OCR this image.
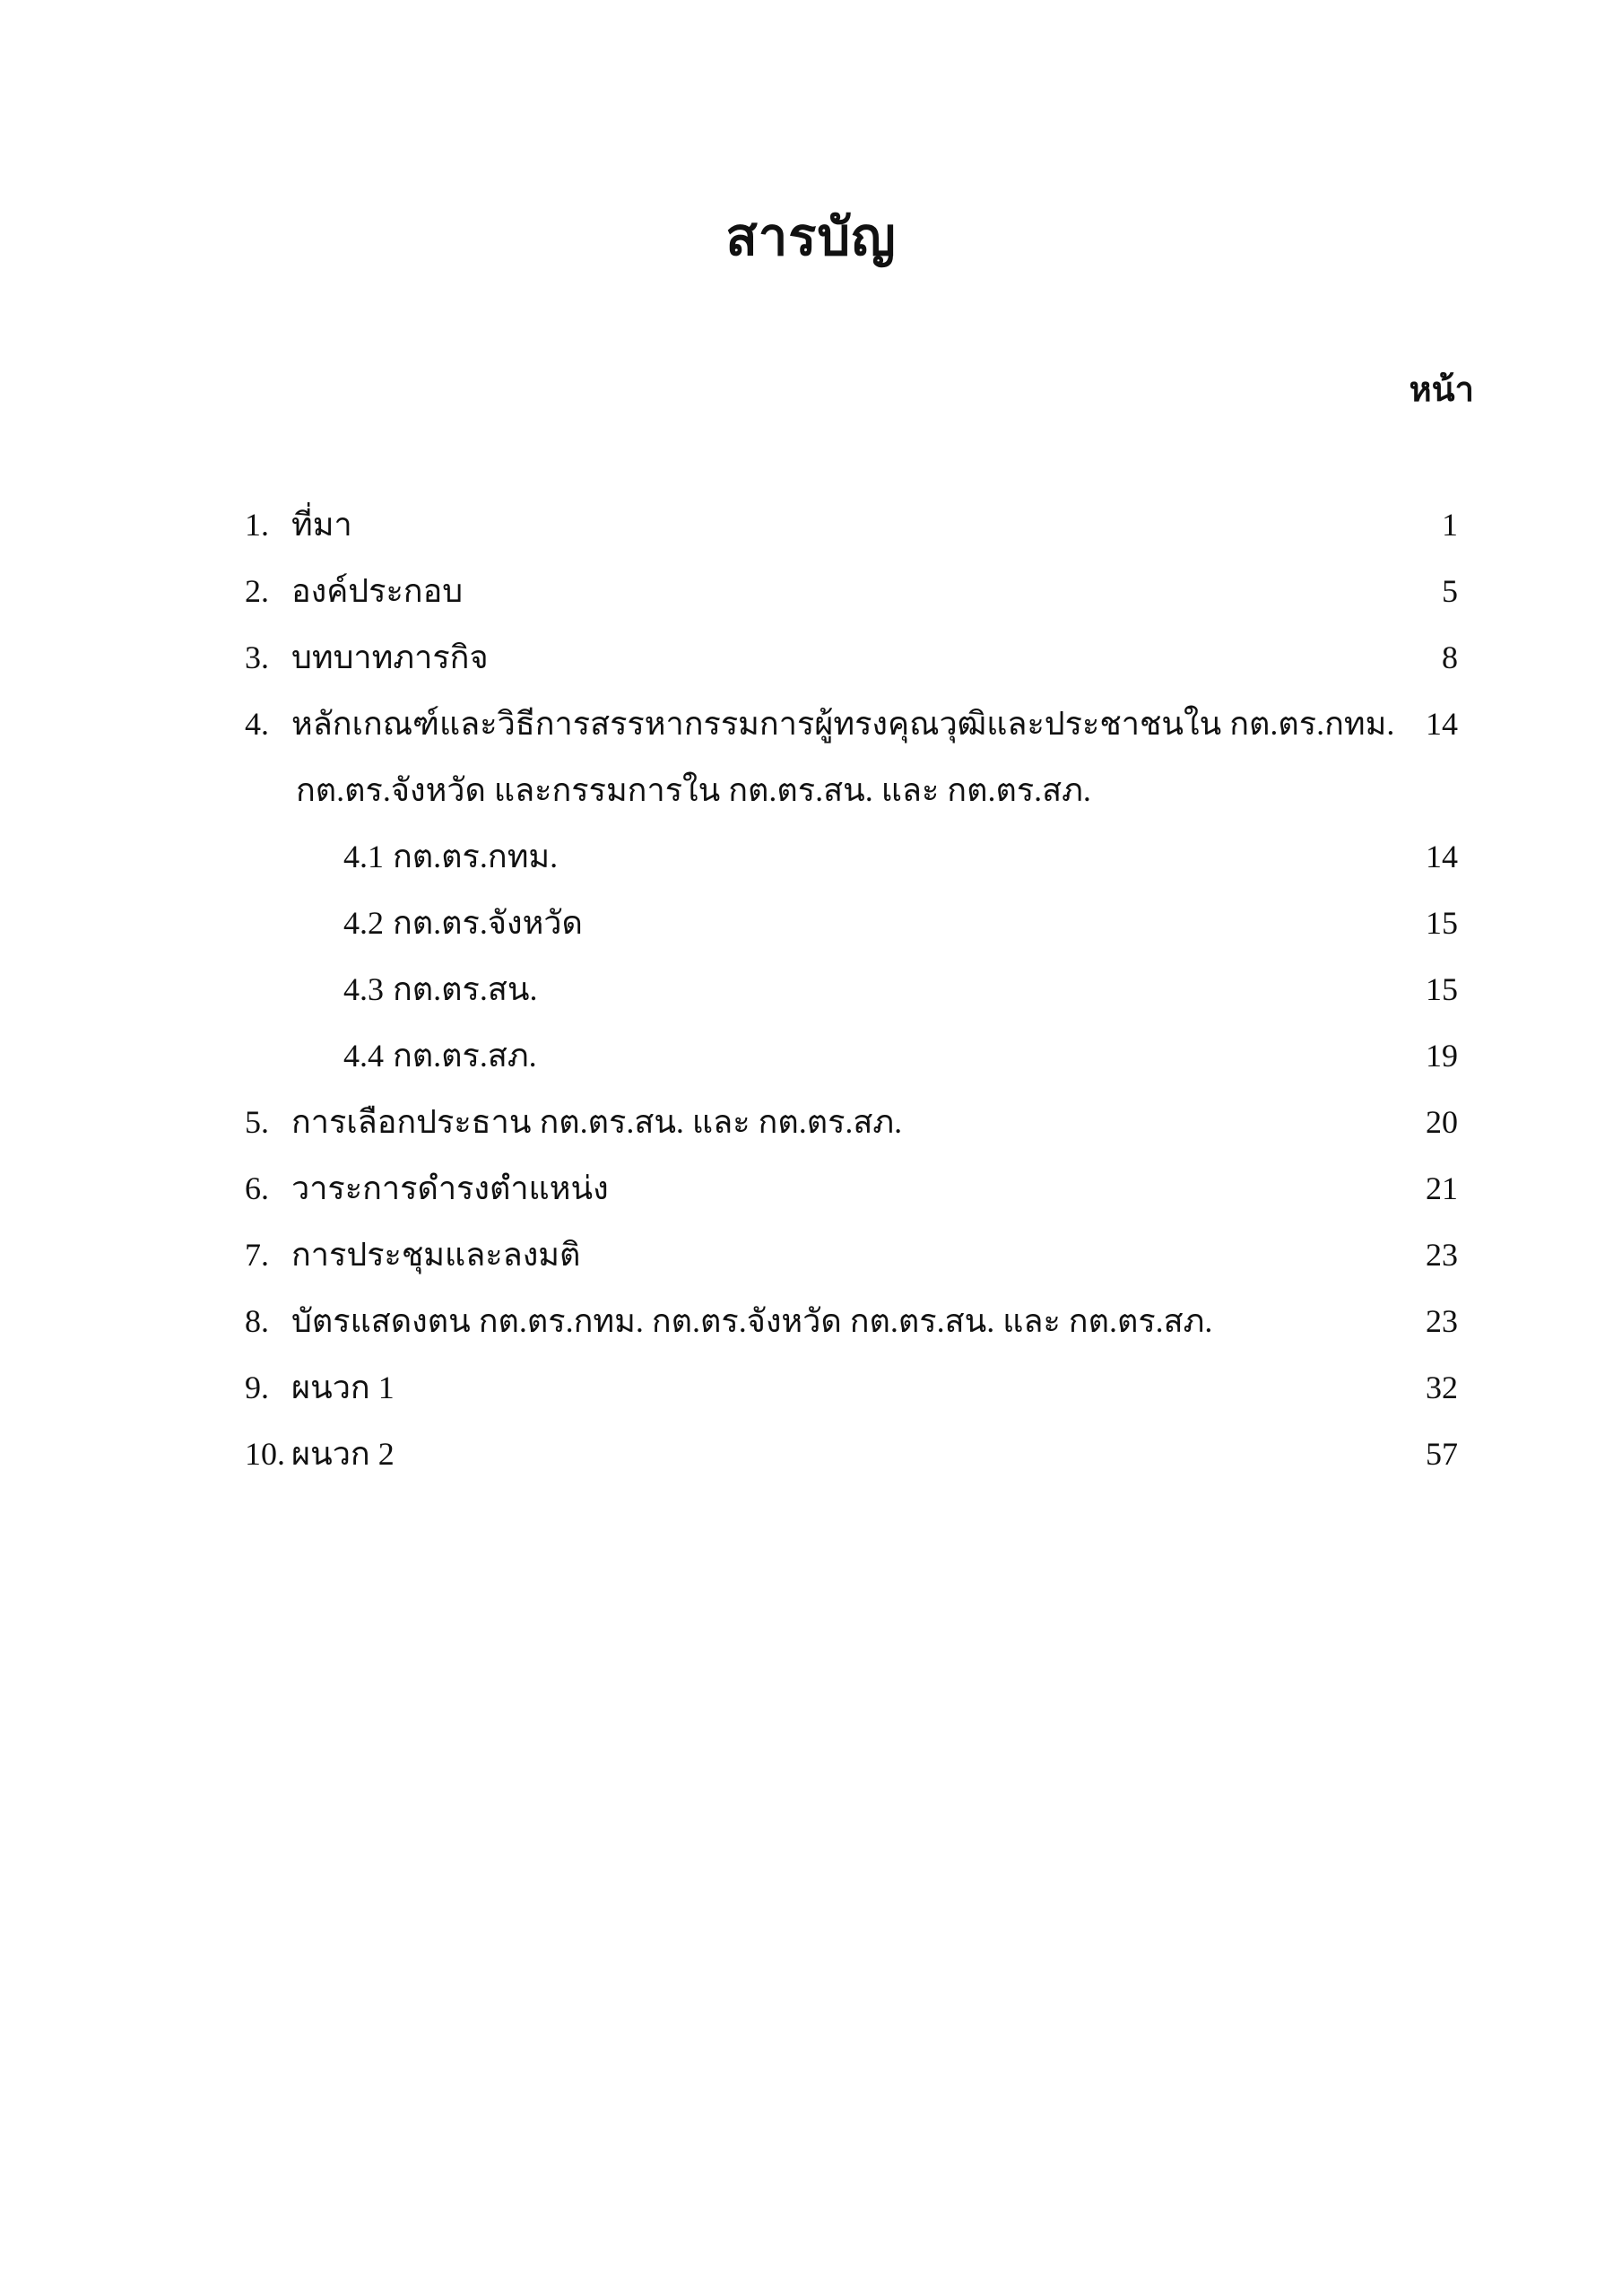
สารบัญ
หน้า
1. ที่มา	1
2. องค์ประกอบ	5
3. บทบาทภารกิจ	8
4. หลักเกณฑ์และวิธีการสรรหากรรมการผู้ทรงคุณวุฒิและประชาชนใน กต.ตร.กทม. 14
กต.ตร.จังหวัด และกรรมการใน กต.ตร.สน. และ กต.ตร.สภ.
4.1 กต.ตร.กทม.	14
4.2 กต.ตร.จังหวัด	15
4.3 กต.ตร.สน.	15
4.4 กต.ตร.สภ.	19
5. การเลือกประธาน กต.ตร.สน. และ กต.ตร.สภ.	20
6. วาระการดำรงตำแหน่ง	21
7. การประชุมและลงมติ	23
8. บัตรแสดงตน กต.ตร.กทม. กต.ตร.จังหวัด กต.ตร.สน. และ กต.ตร.สภ.	23
9. ผนวก 1	32
10. ผนวก 2	57
